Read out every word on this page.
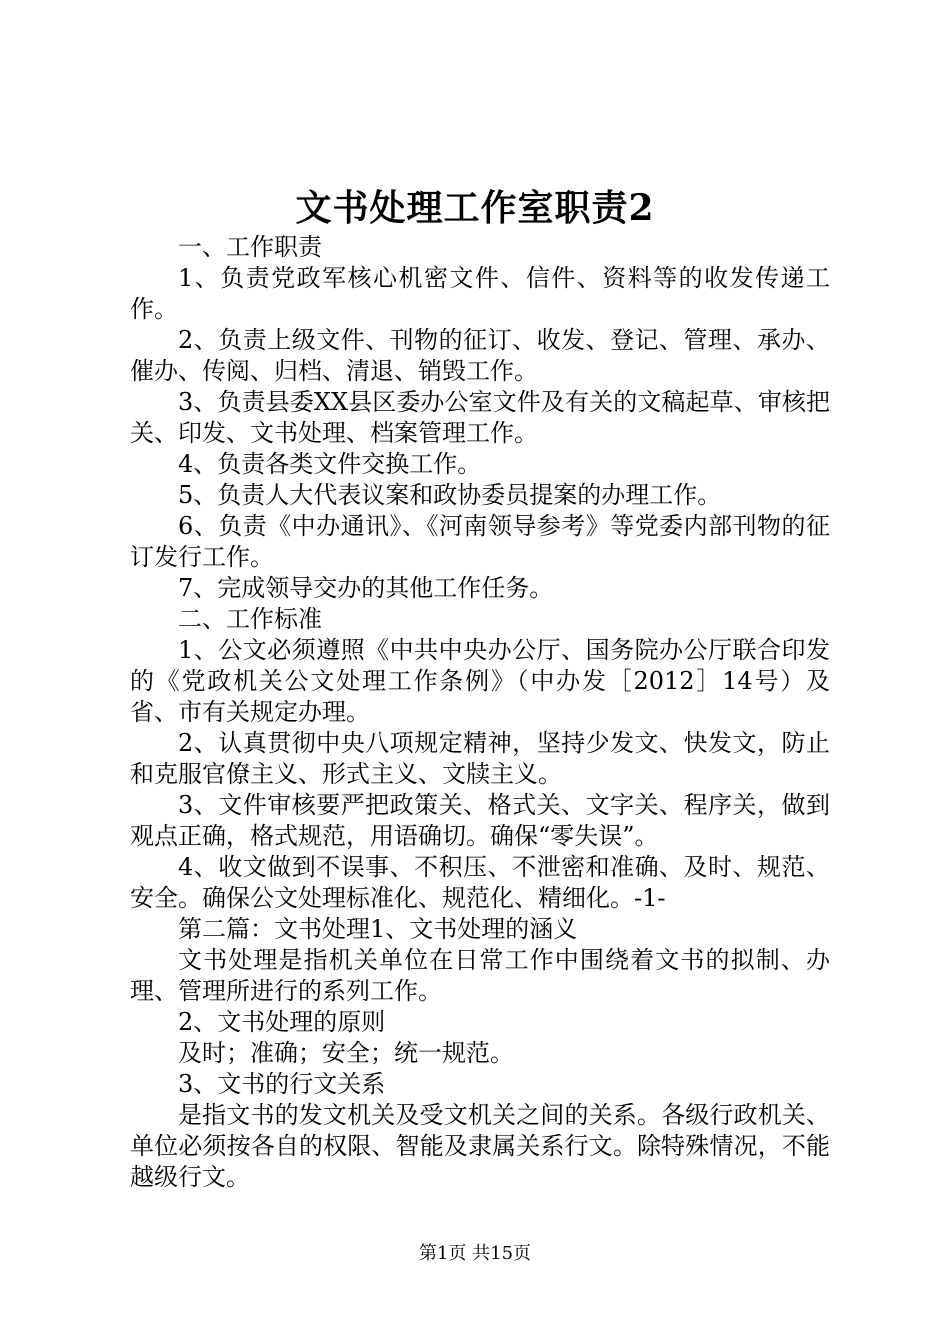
文书处理工作室职责2

一、工作职责

1、负责党政军核心机密文件、信件、资料等的收发传递工作。

2、负责上级文件、刊物的征订、收发、登记、管理、承办、催办、传阅、归档、清退、销毁工作。

3、负责县委XX县区委办公室文件及有关的文稿起草、审核把关、印发、文书处理、档案管理工作。

4、负责各类文件交换工作。

5、负责人大代表议案和政协委员提案的办理工作。

6、负责《中办通讯》、《河南领导参考》等党委内部刊物的征订发行工作。

7、完成领导交办的其他工作任务。

二、工作标准

1、公文必须遵照《中共中央办公厅、国务院办公厅联合印发的《党政机关公文处理工作条例》（中办发［2012］14号）及省、市有关规定办理。

2、认真贯彻中央八项规定精神，坚持少发文、快发文，防止和克服官僚主义、形式主义、文牍主义。

3、文件审核要严把政策关、格式关、文字关、程序关，做到观点正确，格式规范，用语确切。确保“零失误”。

4、收文做到不误事、不积压、不泄密和准确、及时、规范、安全。确保公文处理标准化、规范化、精细化。-1-

第二篇：文书处理1、文书处理的涵义

文书处理是指机关单位在日常工作中围绕着文书的拟制、办理、管理所进行的系列工作。

2、文书处理的原则

及时；准确；安全；统一规范。

3、文书的行文关系

是指文书的发文机关及受文机关之间的关系。各级行政机关、单位必须按各自的权限、智能及隶属关系行文。除特殊情况，不能越级行文。

第1页 共15页
